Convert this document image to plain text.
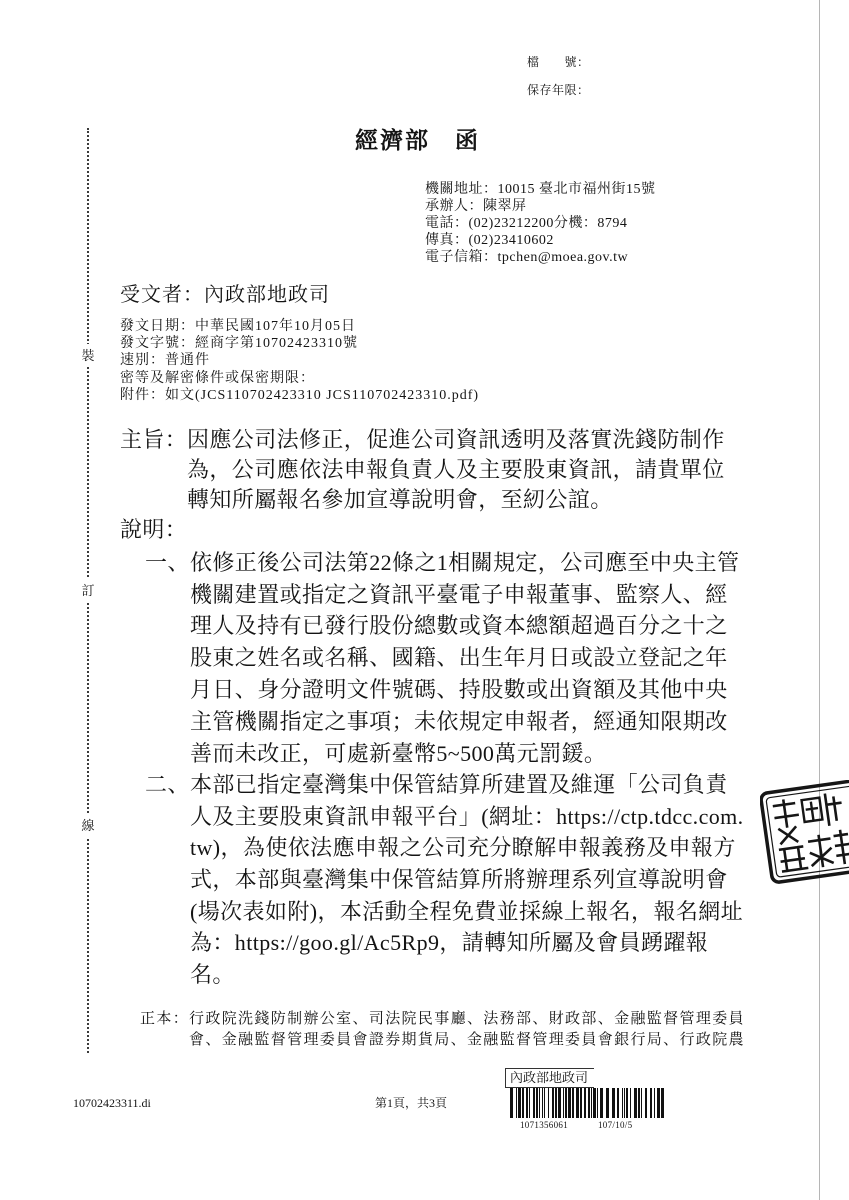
裝
訂
線
檔　　號：
保存年限：
經濟部　函
機關地址：10015 臺北市福州街15號
承辦人：陳翠屏
電話：(02)23212200分機：8794
傳真：(02)23410602
電子信箱：tpchen@moea.gov.tw
受文者：內政部地政司
發文日期：中華民國107年10月05日
發文字號：經商字第10702423310號
速別：普通件
密等及解密條件或保密期限：
附件：如文(JCS110702423310 JCS110702423310.pdf)
主旨： 因應公司法修正，促進公司資訊透明及落實洗錢防制作
為，公司應依法申報負責人及主要股東資訊，請貴單位
轉知所屬報名參加宣導說明會，至紉公誼。
說明：
一、 依修正後公司法第22條之1相關規定，公司應至中央主管
機關建置或指定之資訊平臺電子申報董事、監察人、經
理人及持有已發行股份總數或資本總額超過百分之十之
股東之姓名或名稱、國籍、出生年月日或設立登記之年
月日、身分證明文件號碼、持股數或出資額及其他中央
主管機關指定之事項；未依規定申報者，經通知限期改
善而未改正，可處新臺幣5~500萬元罰鍰。
二、 本部已指定臺灣集中保管結算所建置及維運「公司負責
人及主要股東資訊申報平台」(網址：https://ctp.tdcc.com.
tw)，為使依法應申報之公司充分瞭解申報義務及申報方
式，本部與臺灣集中保管結算所將辦理系列宣導說明會
(場次表如附)，本活動全程免費並採線上報名，報名網址
為：https://goo.gl/Ac5Rp9，請轉知所屬及會員踴躍報
名。
正本： 行政院洗錢防制辦公室、司法院民事廳、法務部、財政部、金融監督管理委員
會、金融監督管理委員會證券期貨局、金融監督管理委員會銀行局、行政院農
10702423311.di	第1頁，共3頁
內政部地政司
1071356061	107/10/5
